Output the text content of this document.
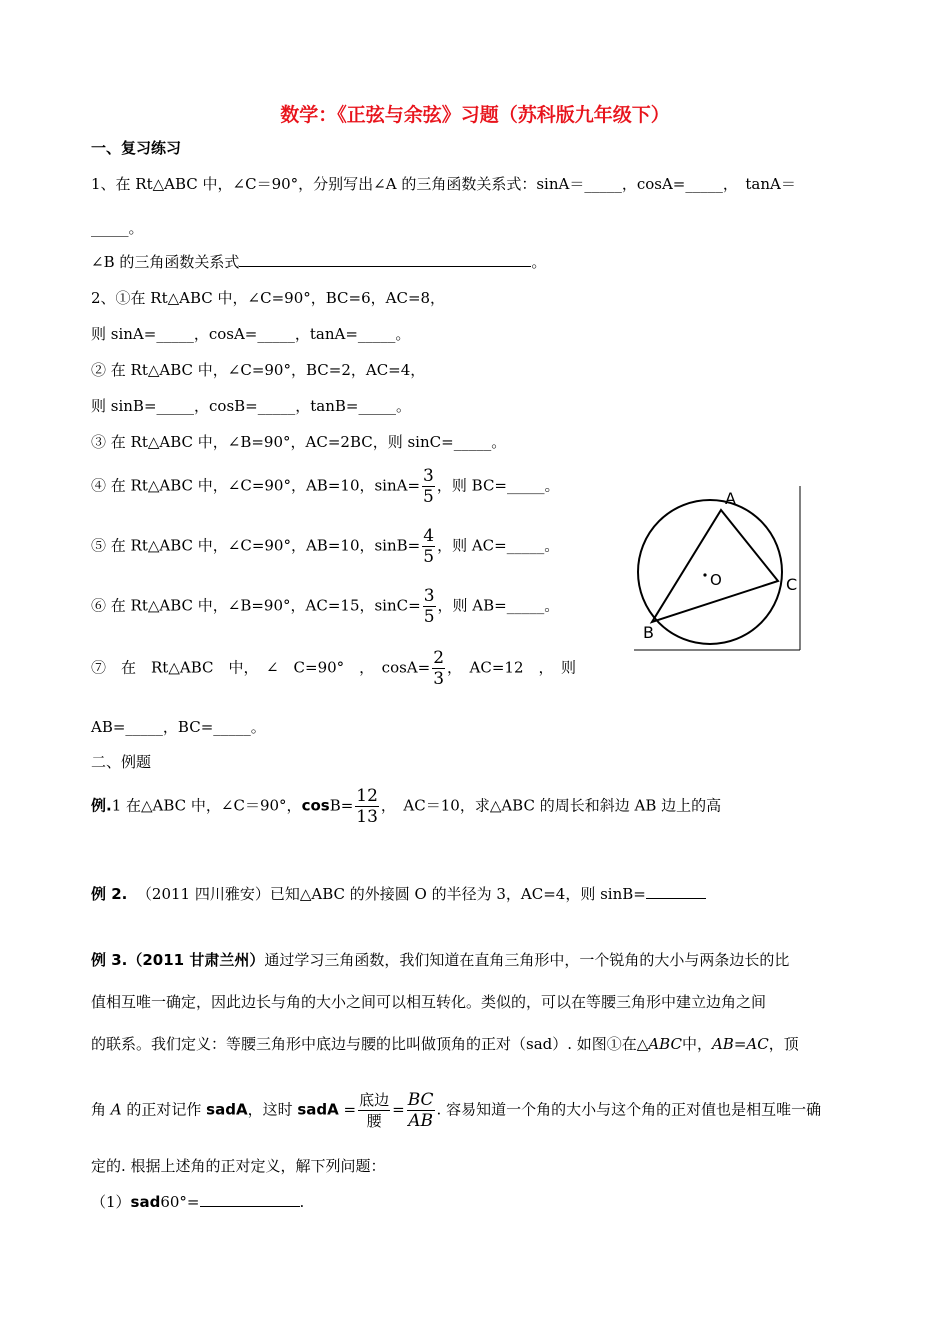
数学：《正弦与余弦》习题（苏科版九年级下）
一、复习练习
1、在 Rt△ABC 中，∠C＝90°，分别写出∠A 的三角函数关系式：sinA＝_____，cosA=_____，　tanA＝
_____。
∠B 的三角函数关系式	。
2、①在 Rt△ABC 中，∠C=90°，BC=6，AC=8，
则 sinA=_____，cosA=_____，tanA=_____。
② 在 Rt△ABC 中，∠C=90°，BC=2，AC=4，
则 sinB=_____，cosB=_____，tanB=_____。
③ 在 Rt△ABC 中，∠B=90°，AC=2BC，则 sinC=_____。
④ 在 Rt△ABC 中，∠C=90°，AB=10，$\sin A= \frac{3}{5}$ ，则 BC=_____。
⑤ 在 Rt△ABC 中，∠C=90°，AB=10，$\sin B= \frac{4}{5}$ ，则 AC=_____。
⑥ 在 Rt△ABC 中，∠B=90°，AC=15，$\sin C= \frac{3}{5}$ ，则 AB=_____。
⑦　在　Rt△ABC　中，　∠　C=90°　，　$\cos A= \frac{2}{3}$ ，　AC=12　，　则
AB=_____，BC=_____。
二、例题
例.1 在△ABC 中，∠C＝90°，$\cos B= \frac{12}{13}$ ，　AC＝10，求△ABC 的周长和斜边 AB 边上的高
例 2. （2011 四川雅安）已知△ABC 的外接圆 O 的半径为 3，AC=4，则 sinB=
例 3.（2011 甘肃兰州）通过学习三角函数，我们知道在直角三角形中，一个锐角的大小与两条边长的比
值相互唯一确定，因此边长与角的大小之间可以相互转化。类似的，可以在等腰三角形中建立边角之间
的联系。我们定义：等腰三角形中底边与腰的比叫做顶角的正对（sad）. 如图①在△ABC中，AB=AC，顶
角 A 的正对记作 sadA，这时 sadA = $\frac{\text{底边}}{\text{腰}} = \frac{BC}{AB}$ . 容易知道一个角的大小与这个角的正对值也是相互唯一确
定的. 根据上述角的正对定义，解下列问题：
（1）sad60°=	.
A
B
C
O
